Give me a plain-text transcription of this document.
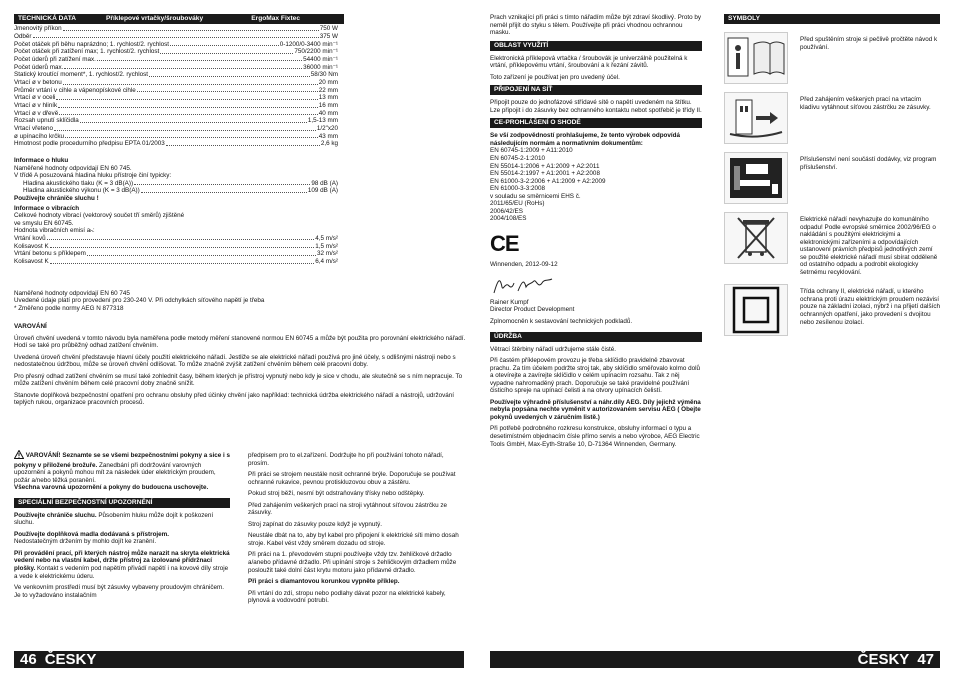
TECHNICKÁ DATA	Příklepové vrtačky/šroubováky	ErgoMax Fixtec
Jmenovitý příkon	750 W
Odběr	375 W
Počet otáček při běhu naprázdno; 1. rychlost/2. rychlost	0-1200/0-3400 min⁻¹
Počet otáček při zatížení max; 1. rychlost/2. rychlost	750/2200 min⁻¹
Počet úderů při zatížení max.	54400 min⁻¹
Počet úderů max.	36000 min⁻¹
Statický kroutící moment*, 1. rychlost/2. rychlost	58/30 Nm
Vrtací ø v betonu	20 mm
Průměr vrtání v cihle a vápenopískové cihle	22 mm
Vrtací ø v oceli	13 mm
Vrtací ø v hliník	16 mm
Vrtací ø v dřevě	40 mm
Rozsah upnutí sklíčidla	1,5-13 mm
Vrtací vřeteno	1/2"x20
ø upínacího krčku	43 mm
Hmotnost podle procedurního předpisu EPTA 01/2003	2,6 kg
Informace o hluku
Naměřené hodnoty odpovídají EN 60 745.
V třídě A posuzovaná hladina hluku přístroje činí typicky:
Hladina akustického tlaku (K = 3 dB(A))	98 dB (A)
Hladina akustického výkonu (K = 3 dB(A))	109 dB (A)
Používejte chrániče sluchu !
Informace o vibracích
Celkové hodnoty vibrací (vektorový součet tří směrů) zjištěné
ve smyslu EN 60745.
Hodnota vibračních emisí aₕ:
Vrtání kovů	4,5 m/s²
Kolisavost K	1,5 m/s²
Vrtání betonu s příklepem	32 m/s²
Kolisavost K	6,4 m/s²
Naměřené hodnoty odpovídají EN 60 745
Uvedené údaje platí pro provedení pro 230-240 V. Při odchylkách síťového napětí je třeba
* Změřeno podle normy AEG N 877318
VAROVÁNÍ
Úroveň chvění uvedená v tomto návodu byla naměřena podle metody měření stanovené normou EN 60745 a může být použita pro porovnání elektrického nářadí. Hodí se také pro průběžný odhad zatížení chvěním.
Uvedená úroveň chvění představuje hlavní účely použití elektrického nářadí. Jestliže se ale elektrické nářadí používá pro jiné účely, s odlišnými nástroji nebo s nedostatečnou údržbou, může se úroveň chvění odlišovat. To může značně zvýšit zatížení chvěním během celé pracovní doby.
Pro přesný odhad zatížení chvěním se musí také zohlednit časy, během kterých je přístroj vypnutý nebo kdy je sice v chodu, ale skutečně se s ním nepracuje. To může zatížení chvěním během celé pracovní doby značně snížit.
Stanovte doplňková bezpečnostní opatření pro ochranu obsluhy před účinky chvění jako například: technická údržba elektrického nářadí a nástrojů, udržování teplých rukou, organizace pracovních procesů.
VAROVÁNÍ! Seznamte se se všemi bezpečnostními pokyny a sice i s pokyny v přiložené brožuře. Zanedbání při dodržování varovných upozornění a pokynů mohou mít za následek úder elektrickým proudem, požár a/nebo těžká poranění.
Všechna varovná upozornění a pokyny do budoucna uschovejte.
SPECIÁLNÍ BEZPEČNOSTNÍ UPOZORNĚNÍ
Používejte chrániče sluchu. Působením hluku může dojít k poškození sluchu.
Používejte doplňková madla dodávaná s přístrojem.
Nedostatečným držením by mohlo dojít ke zranění.
Při provádění prací, při kterých nástroj může narazit na skryta elektrická vedení nebo na vlastní kabel, držte přístroj za izolované přídržnací plošky. Kontakt s vedením pod napětím přivádí napětí i na kovové díly stroje a vede k elektrickému úderu.
Ve venkovním prostředí musí být zásuvky vybaveny proudovým chráničem. Je to vyžadováno instalačním
předpisem pro to el.zařízení. Dodržujte ho při používání tohoto nářadí, prosím.
Při práci se strojem neustále nosit ochranné brýle. Doporučuje se používat ochranné rukavice, pevnou protiskluzovou obuv a zástěru.
Pokud stroj běží, nesmí být odstraňovány třísky nebo odštěpky.
Před zahájením veškerých prací na stroji vytáhnout síťovou zástrčku ze zásuvky.
Stroj zapínat do zásuvky pouze když je vypnutý.
Neustále dbát na to, aby byl kabel pro připojení k elektrické síti mimo dosah stroje. Kabel vést vždy směrem dozadu od stroje.
Při práci na 1. převodovém stupni používejte vždy tzv. žehličkové držadlo a/anebo přídavné držadlo. Při upínání stroje s žehličkovým držadlem může posloužit také dolní část krytu motoru jako přídavné držadlo.
Při práci s diamantovou korunkou vypněte příklep.
Při vrtání do zdí, stropu nebo podlahy dávat pozor na elektrické kabely, plynová a vodovodní potrubí.
Prach vznikající při práci s tímto nářadím může být zdraví škodlivý. Proto by neměl přijít do styku s tělem. Používejte při práci vhodnou ochrannou masku.
OBLAST VYUŽITÍ
Elektronická příklepová vrtačka / šroubovák je univerzálně použitelná k vrtání, příklepovému vrtání, šroubování a k řezání závitů.
Toto zařízení je používat jen pro uvedený účel.
PŘIPOJENÍ NA SÍŤ
Připojit pouze do jednofázové střídavé sítě o napětí uvedeném na štítku. Lze připojit i do zásuvky bez ochranného kontaktu nebot spotřebič je třídy II.
CE-PROHLÁŠENÍ O SHODĚ
Se vší zodpovědností prohlašujeme, že tento výrobek odpovídá následujícím normám a normativním dokumentům:
EN 60745-1:2009 + A11:2010
EN 60745-2-1:2010
EN 55014-1:2006 + A1:2009 + A2:2011
EN 55014-2:1997 + A1:2001 + A2:2008
EN 61000-3-2:2006 + A1:2009 + A2:2009
EN 61000-3-3:2008
v souladu se směrnicemi EHS č.
2011/65/EU (RoHs)
2006/42/ES
2004/108/ES
CE
Winnenden, 2012-09-12
Rainer Kumpf
Director Product Development
Zplnomocněn k sestavování technických podkladů.
ÚDRŽBA
Větrací štěrbiny nářadí udržujeme stále čisté.
Při častém příklepovém provozu je třeba sklíčidlo pravidelně zbavovat prachu. Za tím účelem podržte stroj tak, aby sklíčidlo směřovalo kolmo dolů a otevírejte a zavírejte sklíčidlo v celém upínacím rozsahu. Tak z něj vypadne nahromaděný prach. Doporučuje se také pravidelné používání čisticího spreje na upínací čelisti a na otvory upínacích čelistí.
Používejte výhradně příslušenství a náhr.díly AEG. Díly jejichž výměna nebyla popsána nechte vyměnit v autorizovaném servisu AEG ( Obejte pokynů uvedených v záručním listě.)
Při potřebě podrobného rozkresu konstrukce, obsluhy informací o typu a desetimístném objednacím čísle přímo servis a nebo výrobce, AEG Electric Tools GmbH, Max-Eyth-Straße 10, D-71364 Winnenden, Germany.
SYMBOLY
Před spuštěním stroje si pečlivě pročtěte návod k používání.
Před zahájením veškerých prací na vrtacím kladivu vytáhnout síťovou zástrčku ze zásuvky.
Příslušenství není součástí dodávky, viz program příslušenství.
Elektrické nářadí nevyhazujte do komunálního odpadu! Podle evropské směrnice 2002/96/EG o nakládání s použitými elektrickými a elektronickými zařízeními a odpovídajících ustanovení právních předpisů jednotlivých zemí se použité elektrické nářadí musí sbírat odděleně od ostatního odpadu a podrobit ekologicky šetrnému recyklování.
Třída ochrany II, elektrické nářadí, u kterého ochrana proti úrazu elektrickým proudem nezávisí pouze na základní izolaci, nýbrž i na přijetí dalších ochranných opatření, jako provedení s dvojitou nebo zesílenou izolací.
46 ČESKY	ČESKY 47
